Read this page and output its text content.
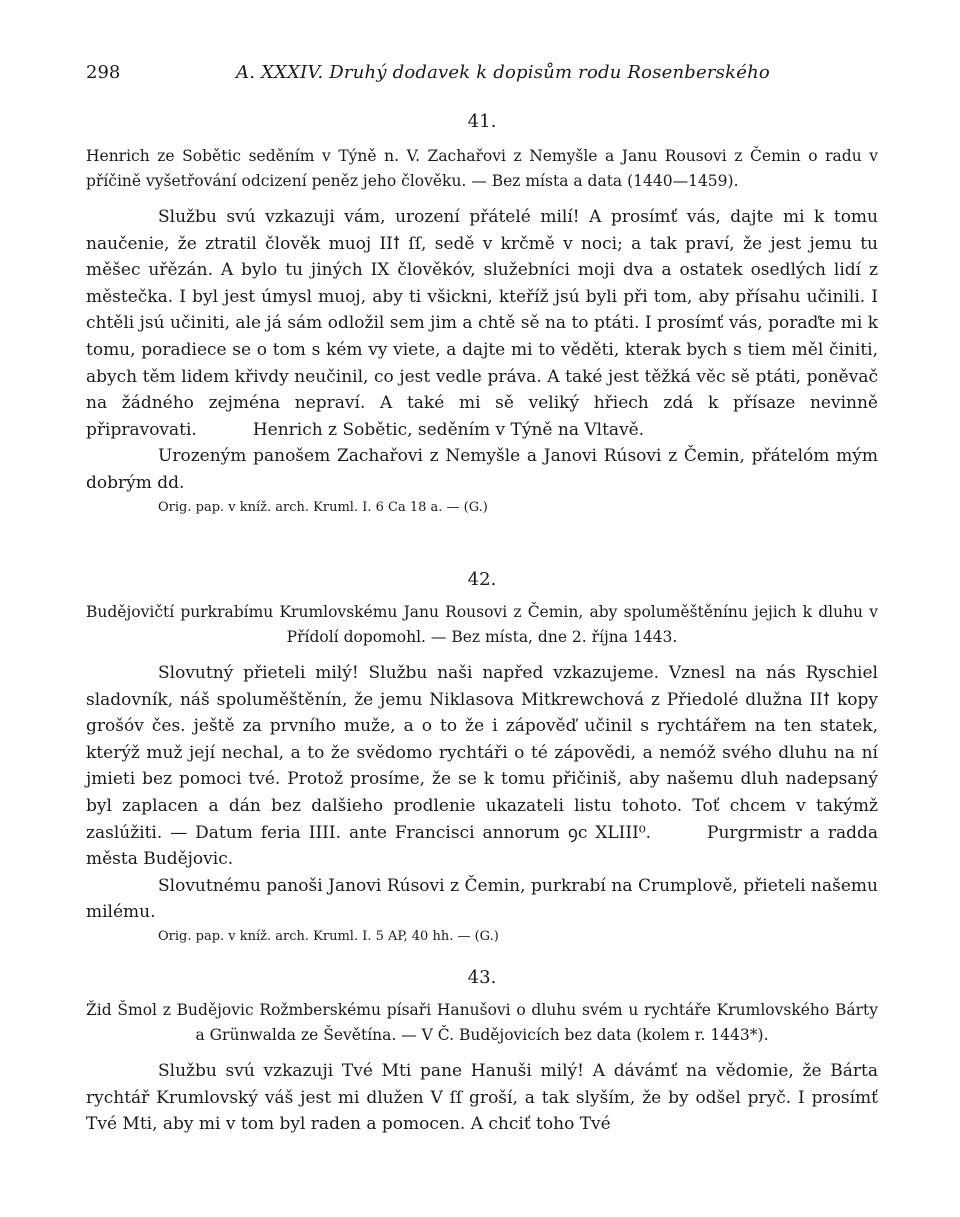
298	A. XXXIV. Druhý dodavek k dopisům rodu Rosenberského
41.
Henrich ze Sobětic seděním v Týně n. V. Zachařovi z Nemyšle a Janu Rousovi z Čemin o radu v příčině vyšetřování odcizení peněz jeho člověku. — Bez místa a data (1440—1459).

Službu svú vzkazuji vám, urození přátelé milí! A prosímť vás, dajte mi k tomu naučenie, že ztratil člověk muoj IIꝉ ſſ, sedě v krčmě v noci; a tak praví, že jest jemu tu měšec uřězán. A bylo tu jiných IX člověkóv, služebníci moji dva a ostatek osedlých lidí z městečka. I byl jest úmysl muoj, aby ti všickni, kteříž jsú byli při tom, aby přísahu učinili. I chtěli jsú učiniti, ale já sám odložil sem jim a chtě sě na to ptáti. I prosímť vás, poraďte mi k tomu, poradiece se o tom s kém vy viete, a dajte mi to věděti, kterak bych s tiem měl činiti, abych těm lidem křivdy neučinil, co jest vedle práva. A také jest těžká věc sě ptáti, poněvač na žádného zejména nepraví. A také mi sě veliký hřiech zdá k přísaze nevinně připravovati.	Henrich z Sobětic, seděním v Týně na Vltavě.

Urozeným panošem Zachařovi z Nemyšle a Janovi Rúsovi z Čemin, přátelóm mým dobrým dd.
Orig. pap. v kníž. arch. Kruml. I. 6 Ca 18 a. — (G.)
42.
Budějovičtí purkrabímu Krumlovskému Janu Rousovi z Čemin, aby spoluměštěnínu jejich k dluhu v Přídolí dopomohl. — Bez místa, dne 2. října 1443.

Slovutný přieteli milý! Službu naši napřed vzkazujeme. Vznesl na nás Ryschiel sladovník, náš spoluměštěnín, že jemu Niklasova Mitkrewchová z Přiedolé dlužna IIꝉ kopy grošóv čes. ještě za prvního muže, a o to že i zápověď učinil s rychtářem na ten statek, kterýž muž její nechal, a to že svědomo rychtáři o té zápovědi, a nemóž svého dluhu na ní jmieti bez pomoci tvé. Protož prosíme, že se k tomu přičiniš, aby našemu dluh nadepsaný byl zaplacen a dán bez dalšieho prodlenie ukazateli listu tohoto. Toť chcem v takýmž zaslúžiti. — Datum feria IIII. ante Francisci annorum ꝯc XLIII⁰.	Purgrmistr a radda města Budějovic.

Slovutnému panoši Janovi Rúsovi z Čemin, purkrabí na Crumplově, přieteli našemu milému.
Orig. pap. v kníž. arch. Kruml. I. 5 AP, 40 hh. — (G.)
43.
Žid Šmol z Budějovic Rožmberskému písaři Hanušovi o dluhu svém u rychtáře Krumlovského Bárty a Grünwalda ze Ševětína. — V Č. Budějovicích bez data (kolem r. 1443*).

Službu svú vzkazuji Tvé Mti pane Hanuši milý! A dávámť na vědomie, že Bárta rychtář Krumlovský váš jest mi dlužen V ſſ groší, a tak slyším, že by odšel pryč. I prosímť Tvé Mti, aby mi v tom byl raden a pomocen. A chciť toho Tvé
